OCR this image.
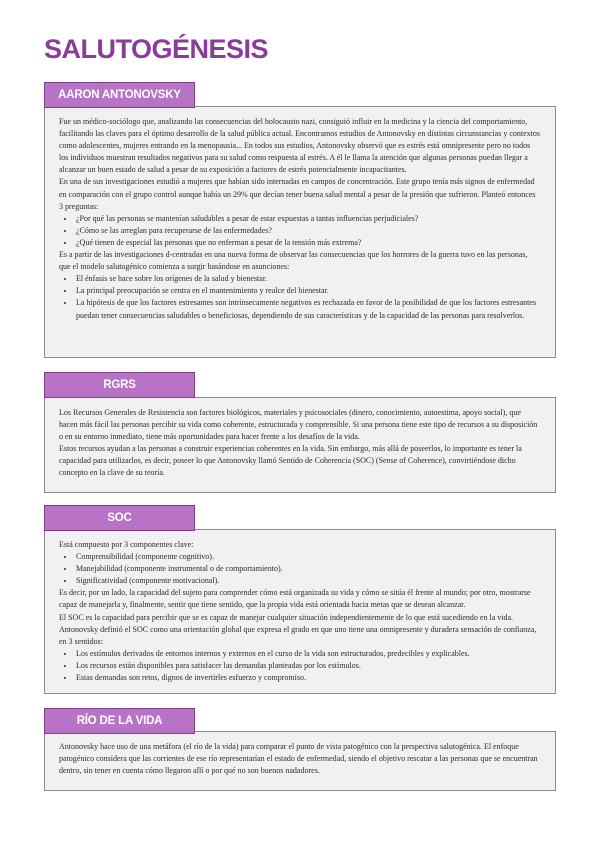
SALUTOGÉNESIS

Fue un médico-sociólogo que, analizando las consecuencias del holocausto nazi, consiguió influir en la medicina y la ciencia del comportamiento, facilitando las claves para el óptimo desarrollo de la salud pública actual. Encontramos estudios de Antonovsky en distintas circunstancias y contextos como adolescentes, mujeres entrando en la menopausia... En todos sus estudios, Antonovsky observó que es estrés está omnipresente pero no todos los individuos muestran resultados negativos para su salud como respuesta al estrés. A él le llama la atención que algunas personas puedan llegar a alcanzar un buen estado de salud a pesar de su exposición a factores de estrés potencialmente incapacitantes.

En una de sus investigaciones estudió a mujeres que habían sido internadas en campos de concentración. Este grupo tenía más signos de enfermedad en comparación con el grupo control aunque había un 29% que decían tener buena salud mental a pesar de la presión que sufrieron. Planteó entonces 3 preguntas:

• ¿Por qué las personas se mantenían saludables a pesar de estar expuestas a tantas influencias perjudiciales?
• ¿Cómo se las arreglan para recuperarse de las enfermedades?
• ¿Qué tienen de especial las personas que no enferman a pesar de la tensión más extrema?

Es a partir de las investigaciones d-centradas en una nueva forma de observar las consecuencias que los horrores de la guerra tuvo en las personas, que el modelo salutogénico comienza a surgir basándose en asunciones:

• El énfasis se hace sobre los orígenes de la salud y bienestar.
• La principal preocupación se centra en el mantenimiento y realce del bienestar.
• La hipótesis de que los factores estresantes son intrínsecamente negativos es rechazada en favor de la posibilidad de que los factores estresantes puedan tener consecuencias saludables o beneficiosas, dependiendo de sus características y de la capacidad de las personas para resolverlos.
AARON ANTONOVSKY

Los Recursos Generales de Resistencia son factores biológicos, materiales y psicosociales (dinero, conocimiento, autoestima, apoyo social), que hacen más fácil las personas percibir su vida como coherente, estructurada y comprensible. Si una persona tiene este tipo de recursos a su disposición o en su entorno inmediato, tiene más oportunidades para hacer frente a los desafíos de la vida.

Estos recursos ayudan a las personas a construir experiencias coherentes en la vida. Sin embargo, más allá de poseerlos, lo importante es tener la capacidad para utilizarlos, es decir, poseer lo que Antonovsky llamó Sentido de Coherencia (SOC) (Sense of Coherence), convirtiéndose dicho concepto en la clave de su teoría.

RGRS

Está compuesto por 3 componentes clave:

• Comprensibilidad (componente cognitivo).
• Manejabilidad (componente instrumental o de comportamiento).
• Significatividad (componente motivacional).

Es decir, por un lado, la capacidad del sujeto para comprender cómo está organizada su vida y cómo se sitúa él frente al mundo; por otro, mostrarse capaz de manejarla y, finalmente, sentir que tiene sentido, que la propia vida está orientada hacia metas que se desean alcanzar.

El SOC es la capacidad para percibir que se es capaz de manejar cualquier situación independientemente de lo que está sucediendo en la vida.

Antonovsky definió el SOC como una orientación global que expresa el grado en que uno tiene una omnipresente y duradera sensación de confianza, en 3 sentidos:

• Los estímulos derivados de entornos internos y externos en el curso de la vida son estructurados, predecibles y explicables.
• Los recursos están disponibles para satisfacer las demandas planteadas por los estímulos.
• Estas demandas son retos, dignos de invertirles esfuerzo y compromiso.
SOC

Antonovsky hace uso de una metáfora (el río de la vida) para comparar el punto de vista patogénico con la perspectiva salutogénica. El enfoque patogénico considera que las corrientes de ese río representarían el estado de enfermedad, siendo el objetivo rescatar a las personas que se encuentran dentro, sin tener en cuenta cómo llegaron allí o por qué no son buenos nadadores.

RÍO DE LA VIDA
